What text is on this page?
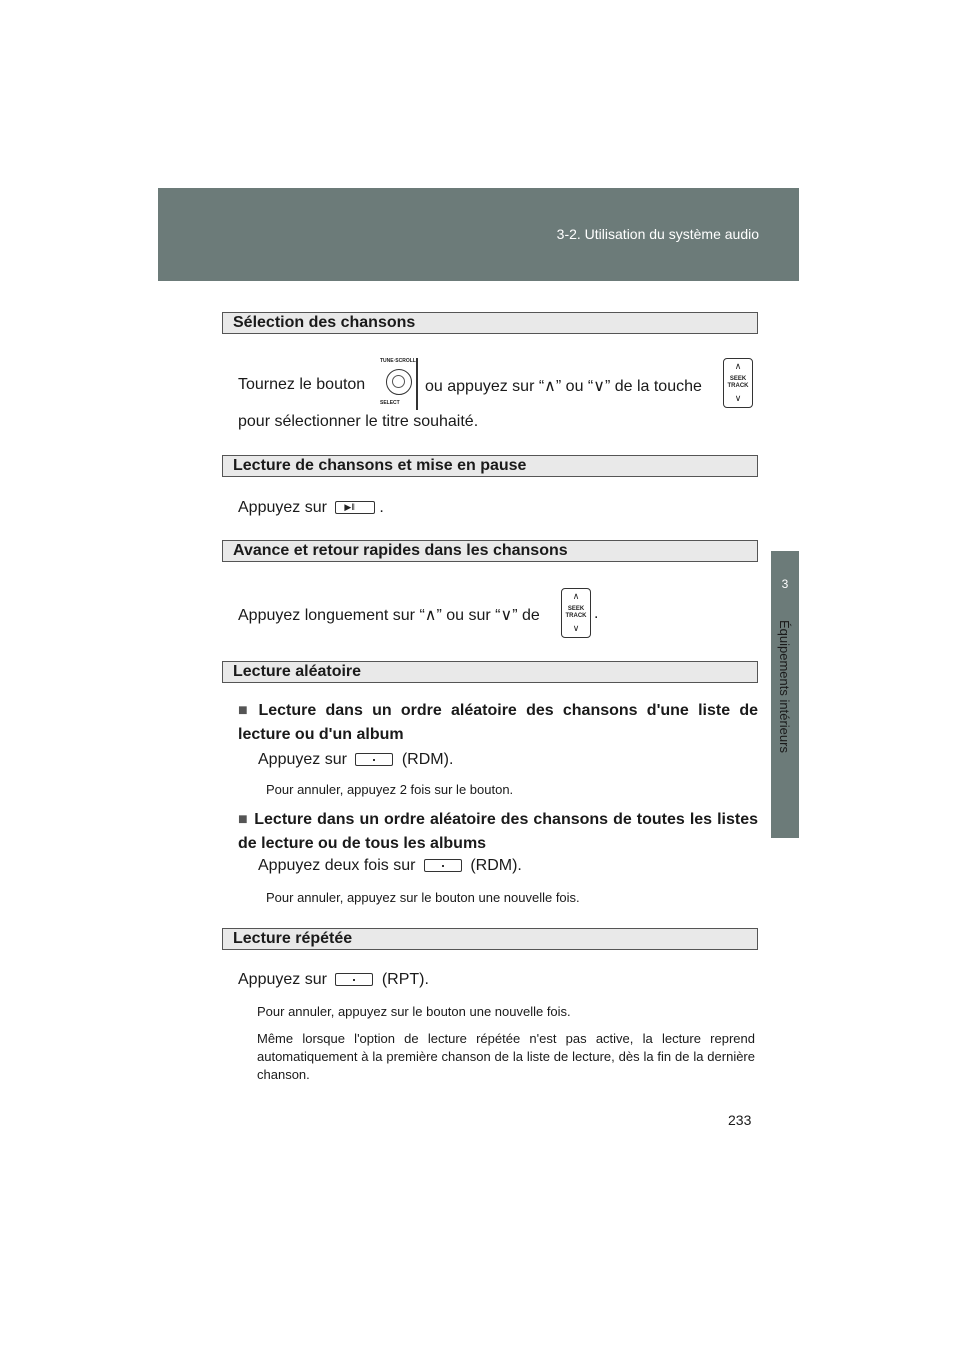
3-2. Utilisation du système audio
3
Équipements intérieurs
Sélection des chansons
Tournez le bouton
TUNE·SCROLL
SELECT
ou appuyez sur “∧” ou “∨” de la touche
∧
SEEK
TRACK
∨
pour sélectionner le titre souhaité.
Lecture de chansons et mise en pause
Appuyez sur ▶‖ .
Avance et retour rapides dans les chansons
Appuyez longuement sur “∧” ou sur “∨” de
∧
SEEK
TRACK
∨
.
Lecture aléatoire
■ Lecture dans un ordre aléatoire des chansons d'une liste de lecture ou d'un album
Appuyez sur	(RDM).
Pour annuler, appuyez 2 fois sur le bouton.
■ Lecture dans un ordre aléatoire des chansons de toutes les listes de lecture ou de tous les albums
Appuyez deux fois sur	(RDM).
Pour annuler, appuyez sur le bouton une nouvelle fois.
Lecture répétée
Appuyez sur	(RPT).
Pour annuler, appuyez sur le bouton une nouvelle fois.
Même lorsque l'option de lecture répétée n'est pas active, la lecture reprend automatiquement à la première chanson de la liste de lecture, dès la fin de la dernière chanson.
233
